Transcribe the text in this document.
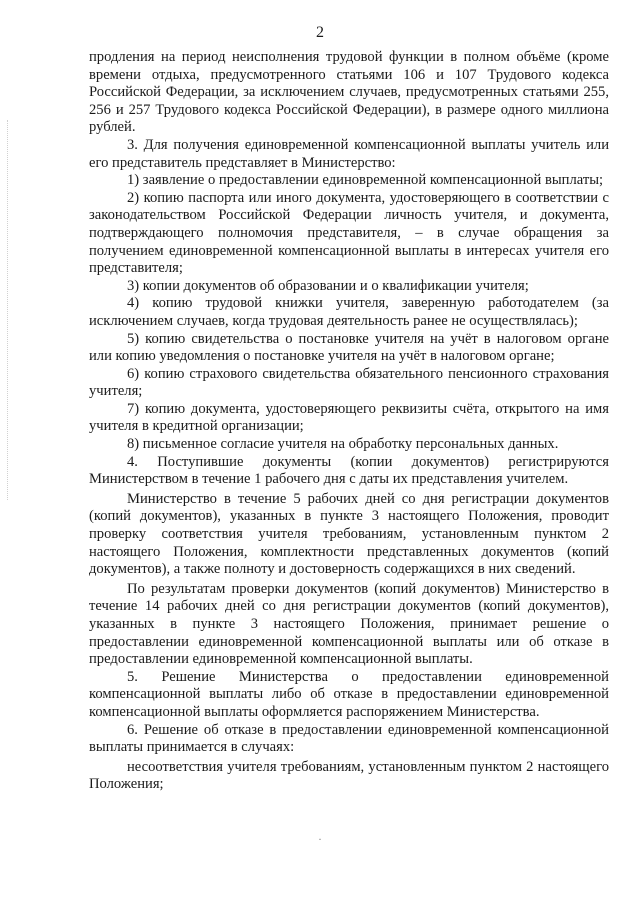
2

продления на период неисполнения трудовой функции в полном объёме (кроме времени отдыха, предусмотренного статьями 106 и 107 Трудового кодекса Российской Федерации, за исключением случаев, предусмотренных статьями 255, 256 и 257 Трудового кодекса Российской Федерации), в размере одного миллиона рублей.

3. Для получения единовременной компенсационной выплаты учитель или его представитель представляет в Министерство:

1) заявление о предоставлении единовременной компенсационной выплаты;

2) копию паспорта или иного документа, удостоверяющего в соответствии с законодательством Российской Федерации личность учителя, и документа, подтверждающего полномочия представителя, – в случае обращения за получением единовременной компенсационной выплаты в интересах учителя его представителя;

3) копии документов об образовании и о квалификации учителя;

4) копию трудовой книжки учителя, заверенную работодателем (за исключением случаев, когда трудовая деятельность ранее не осуществлялась);

5) копию свидетельства о постановке учителя на учёт в налоговом органе или копию уведомления о постановке учителя на учёт в налоговом органе;

6) копию страхового свидетельства обязательного пенсионного страхования учителя;

7) копию документа, удостоверяющего реквизиты счёта, открытого на имя учителя в кредитной организации;

8) письменное согласие учителя на обработку персональных данных.

4. Поступившие документы (копии документов) регистрируются Министерством в течение 1 рабочего дня с даты их представления учителем.

Министерство в течение 5 рабочих дней со дня регистрации документов (копий документов), указанных в пункте 3 настоящего Положения, проводит проверку соответствия учителя требованиям, установленным пунктом 2 настоящего Положения, комплектности представленных документов (копий документов), а также полноту и достоверность содержащихся в них сведений.

По результатам проверки документов (копий документов) Министерство в течение 14 рабочих дней со дня регистрации документов (копий документов), указанных в пункте 3 настоящего Положения, принимает решение о предоставлении единовременной компенсационной выплаты или об отказе в предоставлении единовременной компенсационной выплаты.

5. Решение Министерства о предоставлении единовременной компенсационной выплаты либо об отказе в предоставлении единовременной компенсационной выплаты оформляется распоряжением Министерства.

6. Решение об отказе в предоставлении единовременной компенсационной выплаты принимается в случаях:

несоответствия учителя требованиям, установленным пунктом 2 настоящего Положения;

·
